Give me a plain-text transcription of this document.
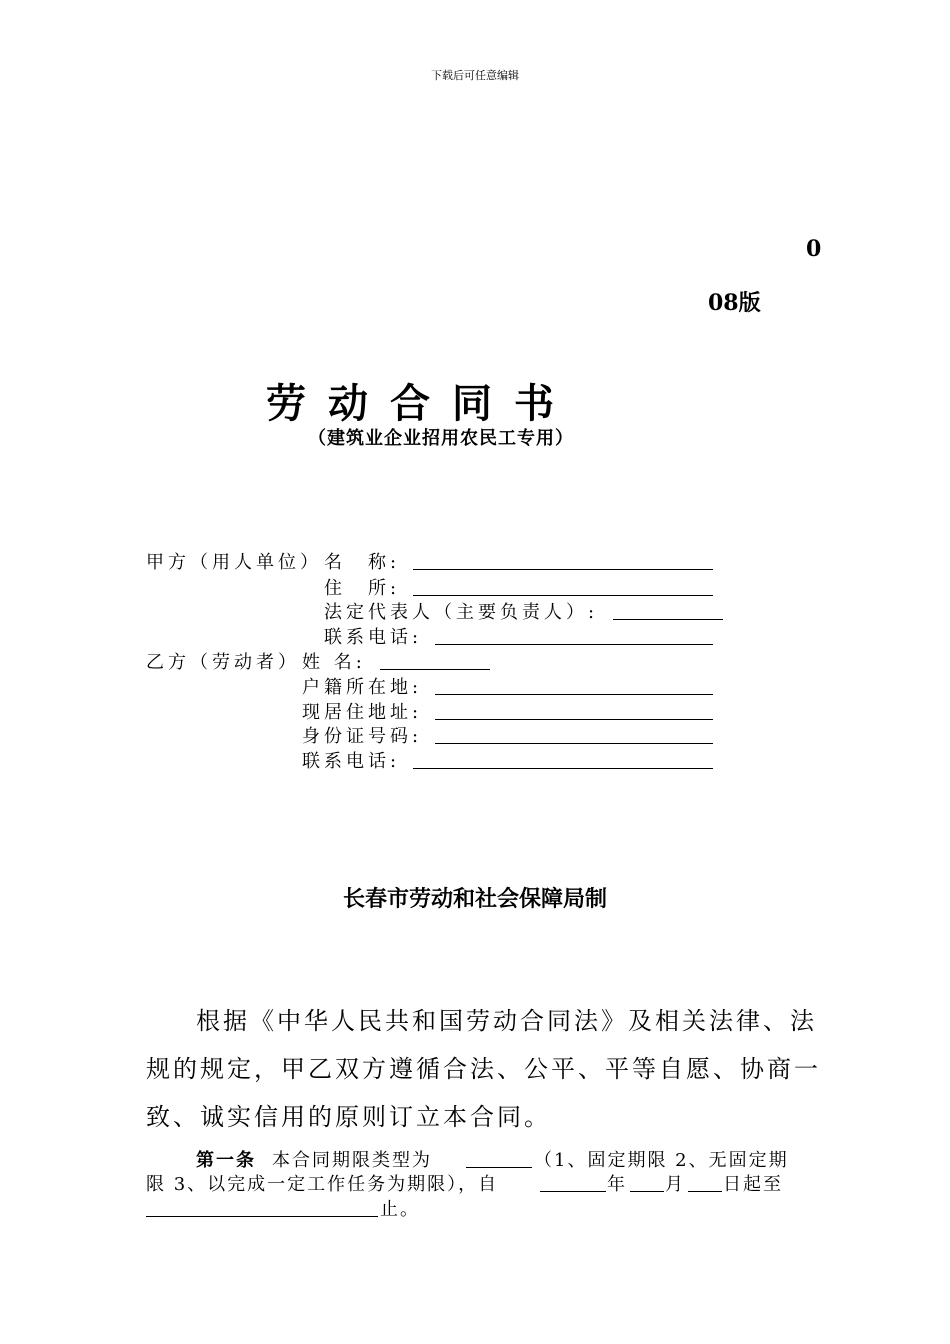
下载后可任意编辑
0
08版
劳动合同书
（建筑业企业招用农民工专用）
甲方（用人单位） 名　称:
住　所:
法定代表人（主要负责人）:
联系电话:
乙方（劳动者） 姓 名:
户籍所在地:
现居住地址:
身份证号码:
联系电话:
长春市劳动和社会保障局制
根据《中华人民共和国劳动合同法》及相关法律、法
规的规定，甲乙双方遵循合法、公平、平等自愿、协商一
致、诚实信用的原则订立本合同。
第一条 本合同期限类型为	（1、固定期限 2、无固定期
限 3、以完成一定工作任务为期限），自	年 月 日起至
止。
